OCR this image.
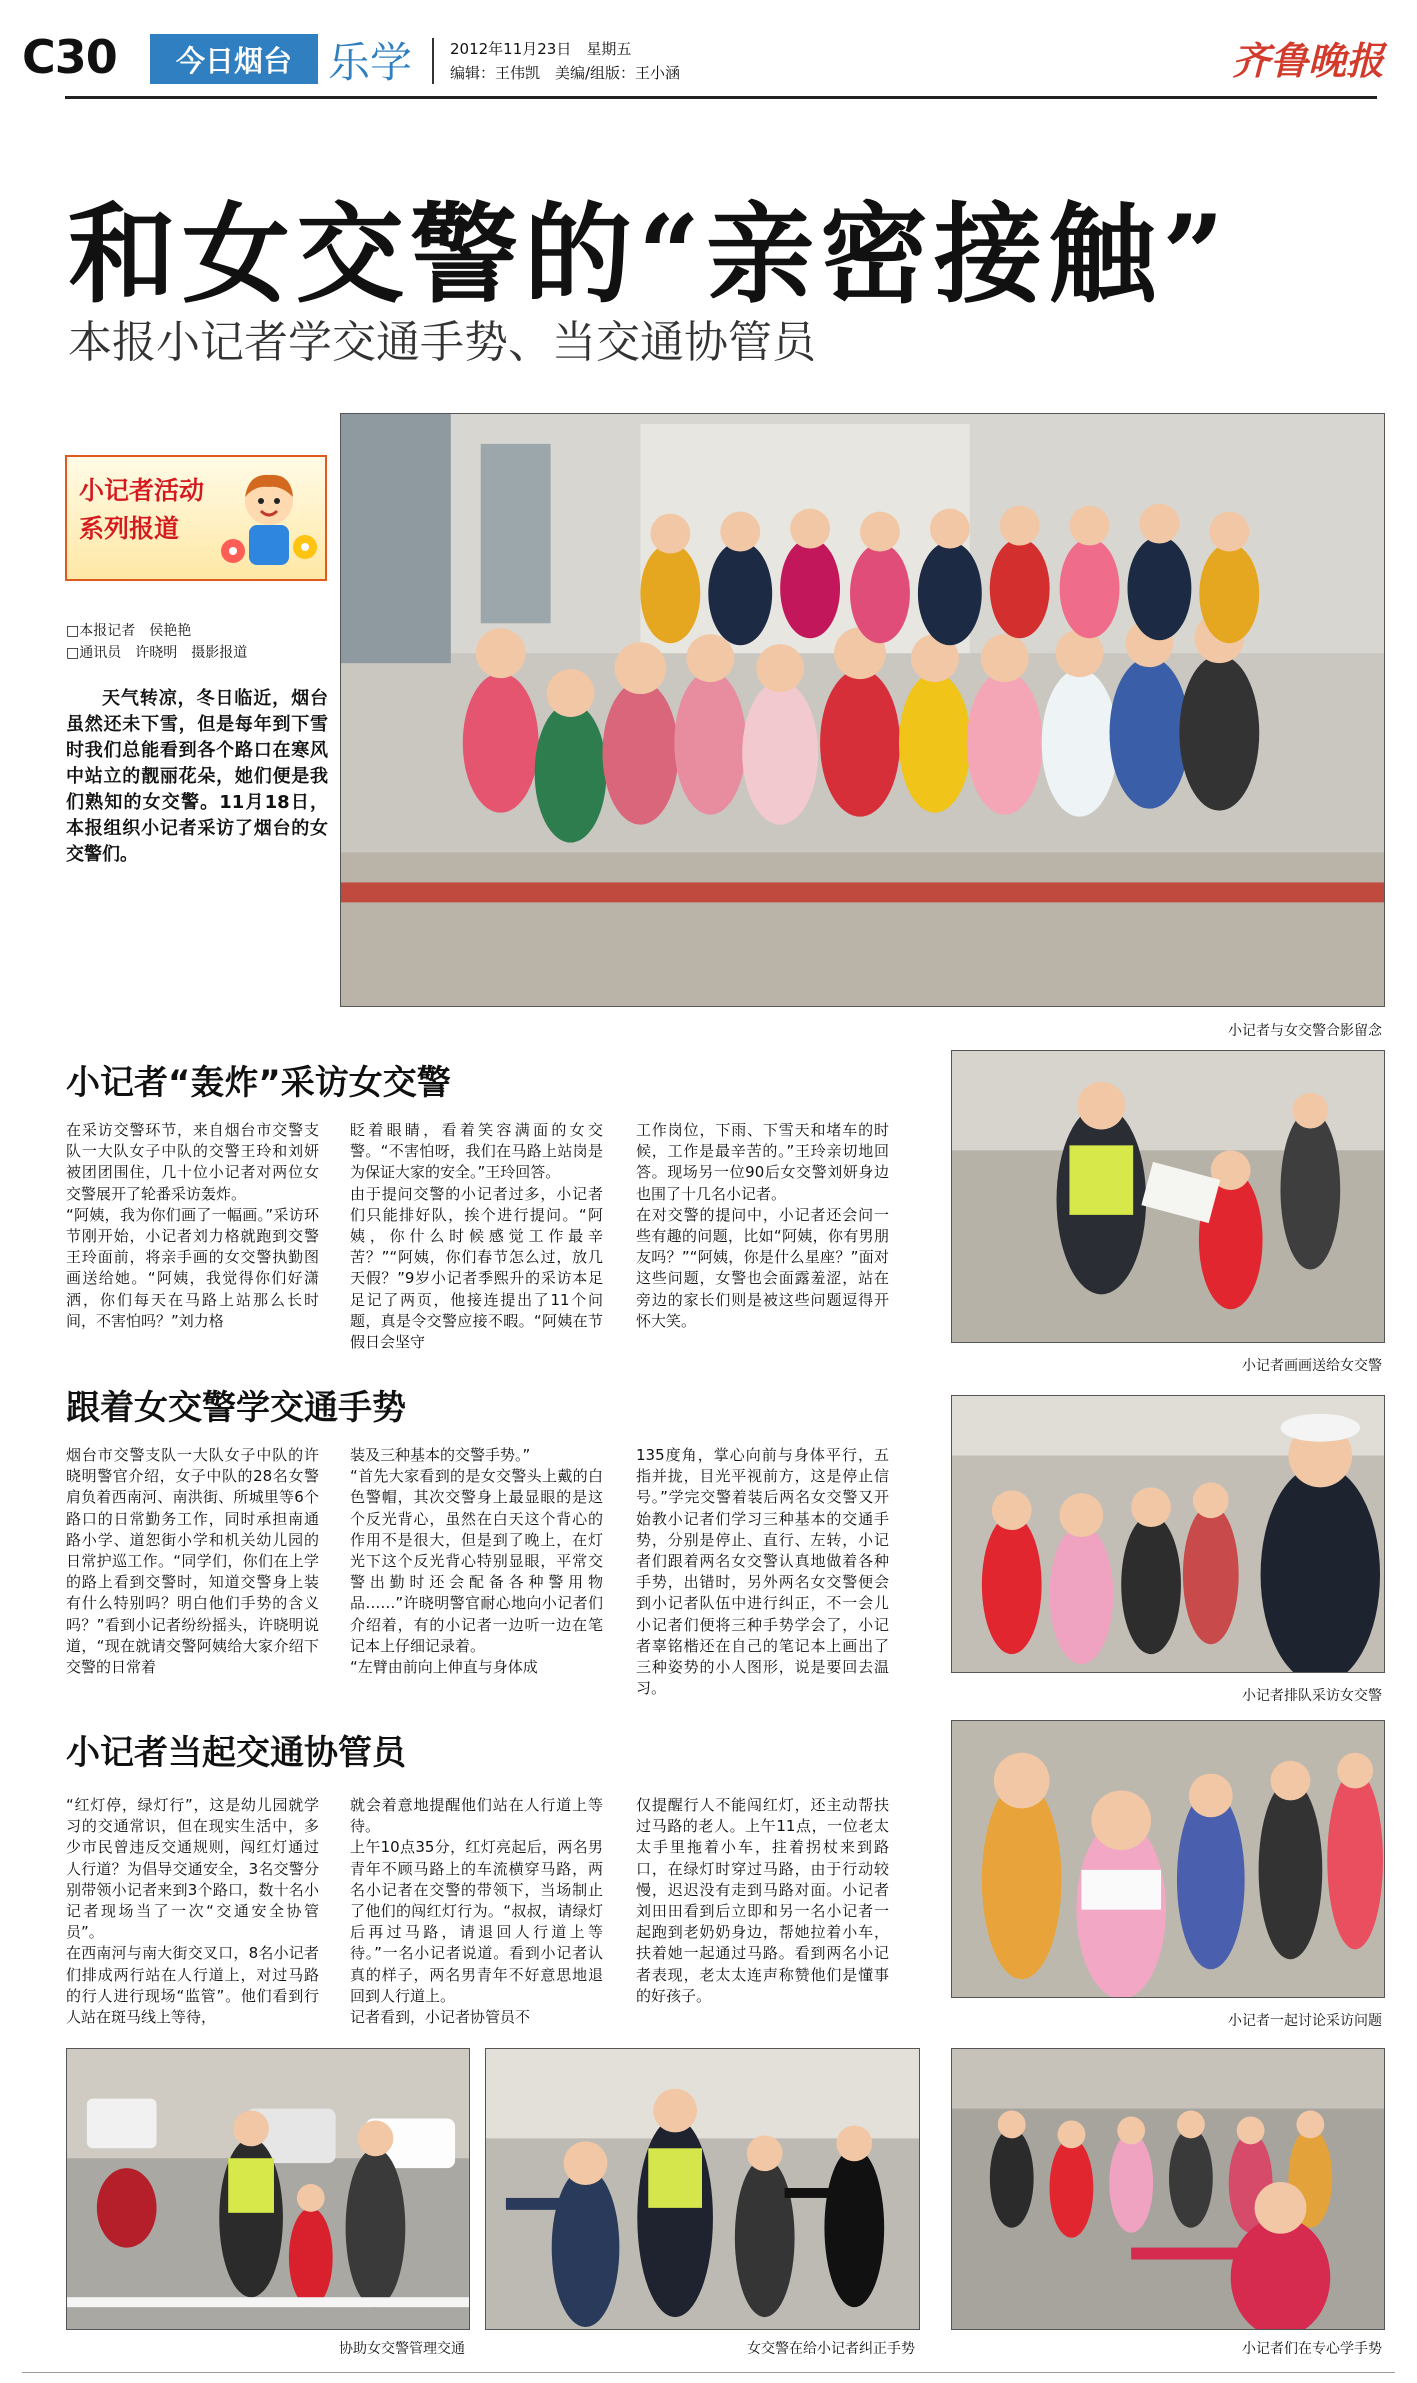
C30	今日烟台 乐学	2012年11月23日　星期五
编辑：王伟凯　美编/组版：王小涵	齐鲁晚报
和女交警的“亲密接触”
本报小记者学交通手势、当交通协管员
小记者活动
系列报道
□本报记者　侯艳艳
□通讯员　许晓明　摄影报道
天气转凉，冬日临近，烟台虽然还未下雪，但是每年到下雪时我们总能看到各个路口在寒风中站立的靓丽花朵，她们便是我们熟知的女交警。11月18日，本报组织小记者采访了烟台的女交警们。
小记者与女交警合影留念
小记者“轰炸”采访女交警
在采访交警环节，来自烟台市交警支队一大队女子中队的交警王玲和刘妍被团团围住，几十位小记者对两位女交警展开了轮番采访轰炸。
“阿姨，我为你们画了一幅画。”采访环节刚开始，小记者刘力格就跑到交警王玲面前，将亲手画的女交警执勤图画送给她。“阿姨，我觉得你们好潇洒，你们每天在马路上站那么长时间，不害怕吗？”刘力格
眨着眼睛，看着笑容满面的女交警。“不害怕呀，我们在马路上站岗是为保证大家的安全。”王玲回答。
由于提问交警的小记者过多，小记者们只能排好队，挨个进行提问。“阿姨，你什么时候感觉工作最辛苦？”“阿姨，你们春节怎么过，放几天假？”9岁小记者季熙升的采访本足足记了两页，他接连提出了11个问题，真是令交警应接不暇。“阿姨在节假日会坚守
工作岗位，下雨、下雪天和堵车的时候，工作是最辛苦的。”王玲亲切地回答。现场另一位90后女交警刘妍身边也围了十几名小记者。
在对交警的提问中，小记者还会问一些有趣的问题，比如“阿姨，你有男朋友吗？”“阿姨，你是什么星座？”面对这些问题，女警也会面露羞涩，站在旁边的家长们则是被这些问题逗得开怀大笑。
小记者画画送给女交警
跟着女交警学交通手势
烟台市交警支队一大队女子中队的许晓明警官介绍，女子中队的28名女警肩负着西南河、南洪街、所城里等6个路口的日常勤务工作，同时承担南通路小学、道恕街小学和机关幼儿园的日常护巡工作。“同学们，你们在上学的路上看到交警时，知道交警身上装有什么特别吗？明白他们手势的含义吗？”看到小记者纷纷摇头，许晓明说道，“现在就请交警阿姨给大家介绍下交警的日常着
装及三种基本的交警手势。”
“首先大家看到的是女交警头上戴的白色警帽，其次交警身上最显眼的是这个反光背心，虽然在白天这个背心的作用不是很大，但是到了晚上，在灯光下这个反光背心特别显眼，平常交警出勤时还会配备各种警用物品……”许晓明警官耐心地向小记者们介绍着，有的小记者一边听一边在笔记本上仔细记录着。
“左臂由前向上伸直与身体成
135度角，掌心向前与身体平行，五指并拢，目光平视前方，这是停止信号。”学完交警着装后两名女交警又开始教小记者们学习三种基本的交通手势，分别是停止、直行、左转，小记者们跟着两名女交警认真地做着各种手势，出错时，另外两名女交警便会到小记者队伍中进行纠正，不一会儿小记者们便将三种手势学会了，小记者辜铭楷还在自己的笔记本上画出了三种姿势的小人图形，说是要回去温习。	小记者排队采访女交警
小记者当起交通协管员
“红灯停，绿灯行”，这是幼儿园就学习的交通常识，但在现实生活中，多少市民曾违反交通规则，闯红灯通过人行道？为倡导交通安全，3名交警分别带领小记者来到3个路口，数十名小记者现场当了一次“交通安全协管员”。
在西南河与南大街交叉口，8名小记者们排成两行站在人行道上，对过马路的行人进行现场“监管”。他们看到行人站在斑马线上等待，
就会着意地提醒他们站在人行道上等待。
上午10点35分，红灯亮起后，两名男青年不顾马路上的车流横穿马路，两名小记者在交警的带领下，当场制止了他们的闯红灯行为。“叔叔，请绿灯后再过马路，请退回人行道上等待。”一名小记者说道。看到小记者认真的样子，两名男青年不好意思地退回到人行道上。
记者看到，小记者协管员不
仅提醒行人不能闯红灯，还主动帮扶过马路的老人。上午11点，一位老太太手里拖着小车，拄着拐杖来到路口，在绿灯时穿过马路，由于行动较慢，迟迟没有走到马路对面。小记者刘田田看到后立即和另一名小记者一起跑到老奶奶身边，帮她拉着小车，扶着她一起通过马路。看到两名小记者表现，老太太连声称赞他们是懂事的好孩子。
小记者一起讨论采访问题
协助女交警管理交通	女交警在给小记者纠正手势	小记者们在专心学手势
